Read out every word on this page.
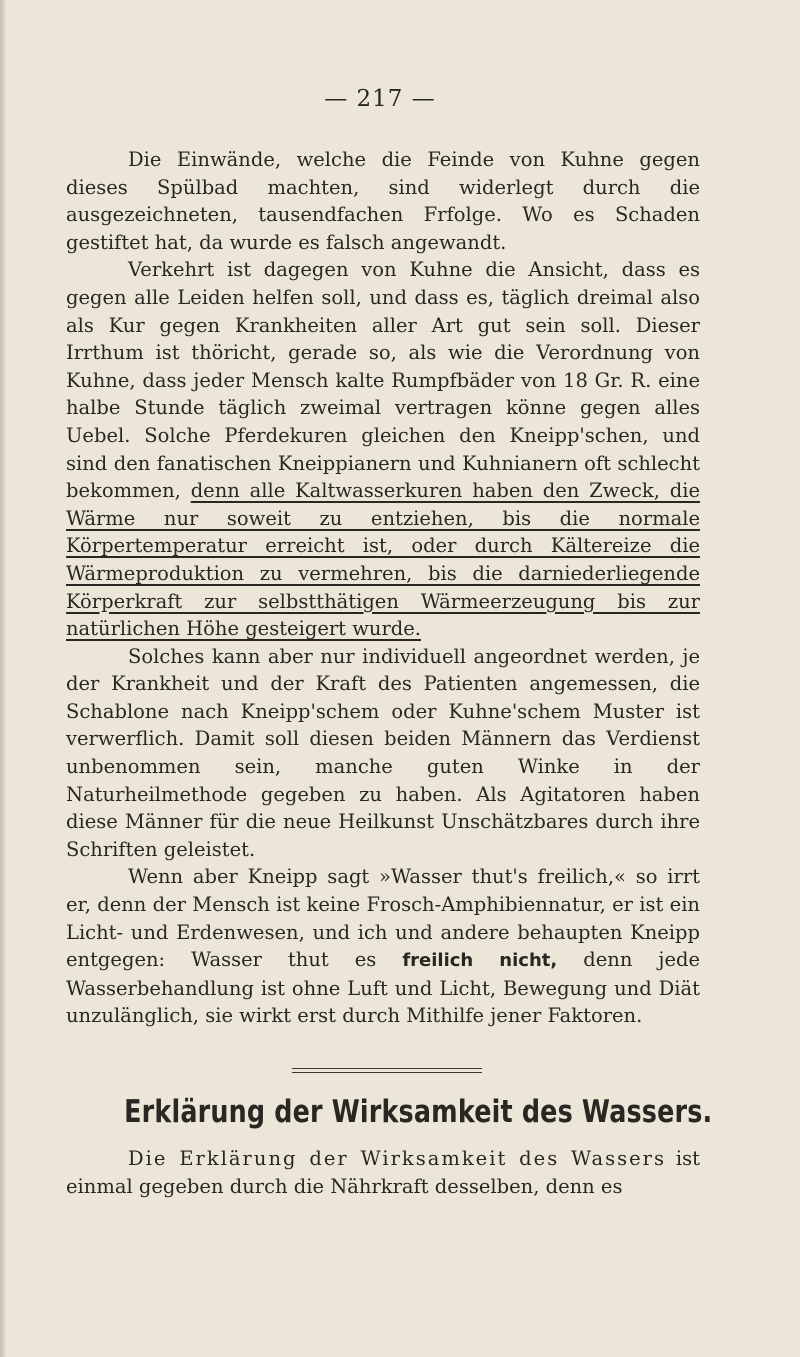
— 217 —

Die Einwände, welche die Feinde von Kuhne gegen dieses Spülbad machten, sind widerlegt durch die ausgezeichneten, tausendfachen Frfolge. Wo es Schaden gestiftet hat, da wurde es falsch angewandt.

Verkehrt ist dagegen von Kuhne die Ansicht, dass es gegen alle Leiden helfen soll, und dass es, täglich dreimal also als Kur gegen Krankheiten aller Art gut sein soll. Dieser Irrthum ist thöricht, gerade so, als wie die Verordnung von Kuhne, dass jeder Mensch kalte Rumpfbäder von 18 Gr. R. eine halbe Stunde täglich zweimal vertragen könne gegen alles Uebel. Solche Pferdekuren gleichen den Kneipp'schen, und sind den fanatischen Kneippianern und Kuhnianern oft schlecht bekommen, denn alle Kaltwasserkuren haben den Zweck, die Wärme nur soweit zu entziehen, bis die normale Körpertemperatur erreicht ist, oder durch Kältereize die Wärmeproduktion zu vermehren, bis die darniederliegende Körperkraft zur selbstthätigen Wärmeerzeugung bis zur natürlichen Höhe gesteigert wurde.

Solches kann aber nur individuell angeordnet werden, je der Krankheit und der Kraft des Patienten angemessen, die Schablone nach Kneipp'schem oder Kuhne'schem Muster ist verwerflich. Damit soll diesen beiden Männern das Verdienst unbenommen sein, manche guten Winke in der Naturheilmethode gegeben zu haben. Als Agitatoren haben diese Männer für die neue Heilkunst Unschätzbares durch ihre Schriften geleistet.

Wenn aber Kneipp sagt »Wasser thut's freilich,« so irrt er, denn der Mensch ist keine Frosch-Amphibiennatur, er ist ein Licht- und Erdenwesen, und ich und andere behaupten Kneipp entgegen: Wasser thut es freilich nicht, denn jede Wasserbehandlung ist ohne Luft und Licht, Bewegung und Diät unzulänglich, sie wirkt erst durch Mithilfe jener Faktoren.

Erklärung der Wirksamkeit des Wassers.

Die Erklärung der Wirksamkeit des Wassers ist einmal gegeben durch die Nährkraft desselben, denn es
